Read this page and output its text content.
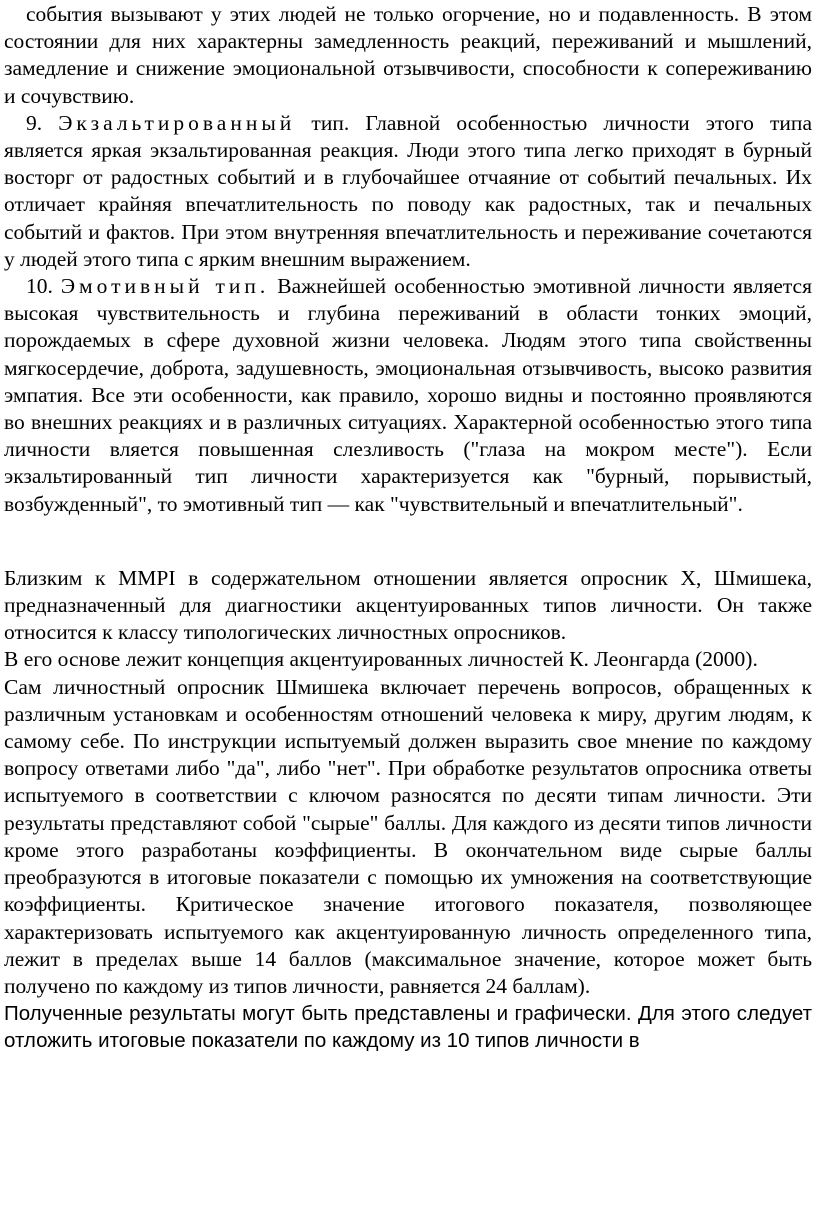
события вызывают у этих людей не только огорчение, но и подавленность. В этом состоянии для них характерны замедленность реакций, переживаний и мышлений, замедление и снижение эмоциональной отзывчивости, способности к сопереживанию и сочувствию.

9. Экзальтированный тип. Главной особенностью личности этого типа является яркая экзальтированная реакция. Люди этого типа легко приходят в бурный восторг от радостных событий и в глубочайшее отчаяние от событий печальных. Их отличает крайняя впечатлительность по поводу как радостных, так и печальных событий и фактов. При этом внутренняя впечатлительность и переживание сочетаются у людей этого типа с ярким внешним выражением.

10. Эмотивный тип. Важнейшей особенностью эмотивной личности является высокая чувствительность и глубина переживаний в области тонких эмоций, порождаемых в сфере духовной жизни человека. Людям этого типа свойственны мягкосердечие, доброта, задушевность, эмоциональная отзывчивость, высоко развития эмпатия. Все эти особенности, как правило, хорошо видны и постоянно проявляются во внешних реакциях и в различных ситуациях. Характерной особенностью этого типа личности вляется повышенная слезливость ("глаза на мокром месте"). Если экзальтированный тип личности характеризуется как "бурный, порывистый, возбужденный", то эмотивный тип — как "чувствительный и впечатлительный".

Близким к MMPI в содержательном отношении является опросник Х, Шмишека, предназначенный для диагностики акцентуированных типов личности. Он также относится к классу типологических личностных опросников.

В его основе лежит концепция акцентуированных личностей К. Леонгарда (2000).

Сам личностный опросник Шмишека включает перечень вопросов, обращенных к различным установкам и особенностям отношений человека к миру, другим людям, к самому себе. По инструкции испытуемый должен выразить свое мнение по каждому вопросу ответами либо "да", либо "нет". При обработке результатов опросника ответы испытуемого в соответствии с ключом разносятся по десяти типам личности. Эти результаты представляют собой "сырые" баллы. Для каждого из десяти типов личности кроме этого разработаны коэффициенты. В окончательном виде сырые баллы преобразуются в итоговые показатели с помощью их умножения на соответствующие коэффициенты. Критическое значение итогового показателя, позволяющее характеризовать испытуемого как акцентуированную личность определенного типа, лежит в пределах выше 14 баллов (максимальное значение, которое может быть получено по каждому из типов личности, равняется 24 баллам).

Полученные результаты могут быть представлены и графически. Для этого следует отложить итоговые показатели по каждому из 10 типов личности в
